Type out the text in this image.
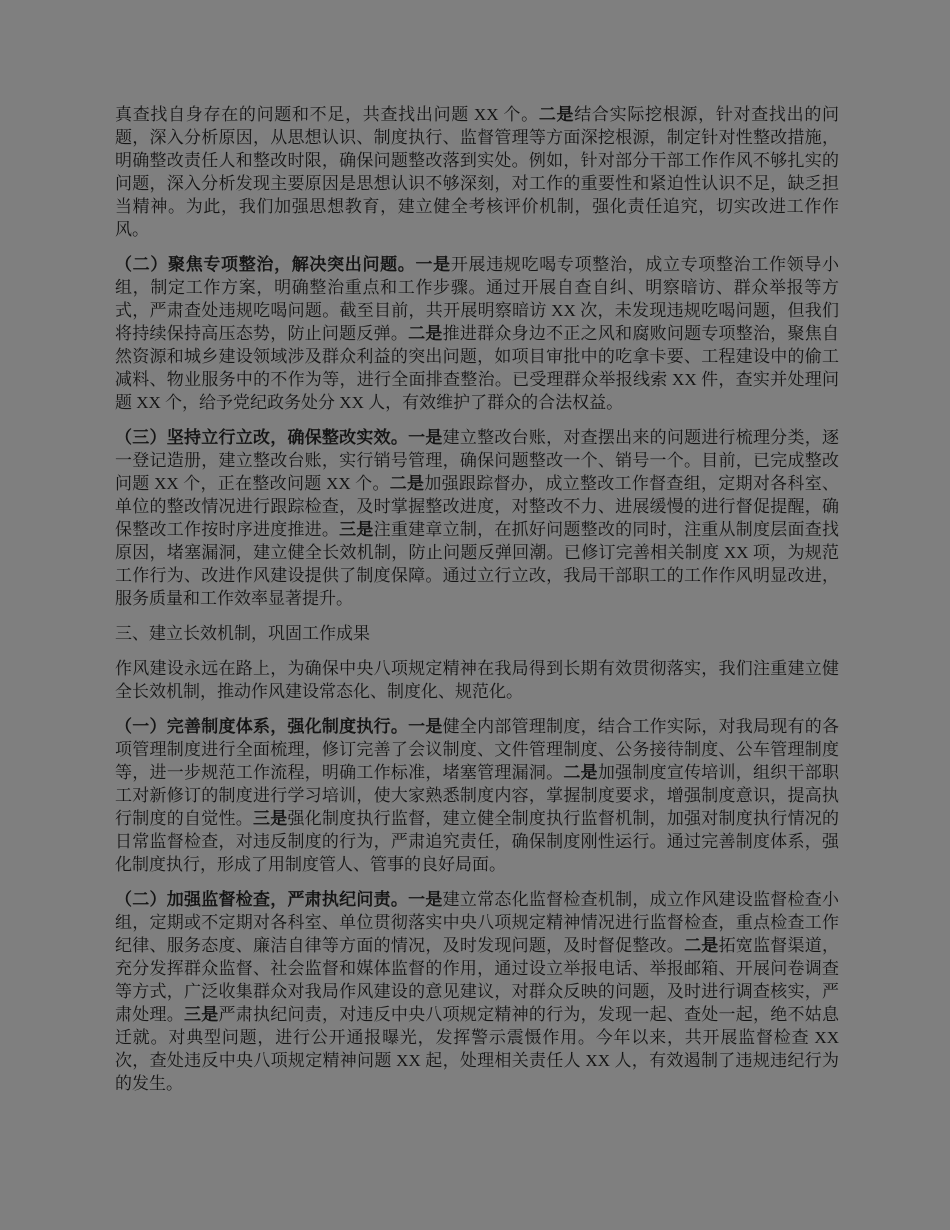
真查找自身存在的问题和不足，共查找出问题 XX 个。二是结合实际挖根源，针对查找出的问题，深入分析原因，从思想认识、制度执行、监督管理等方面深挖根源，制定针对性整改措施，明确整改责任人和整改时限，确保问题整改落到实处。例如，针对部分干部工作作风不够扎实的问题，深入分析发现主要原因是思想认识不够深刻，对工作的重要性和紧迫性认识不足，缺乏担当精神。为此，我们加强思想教育，建立健全考核评价机制，强化责任追究，切实改进工作作风。

（二）聚焦专项整治，解决突出问题。一是开展违规吃喝专项整治，成立专项整治工作领导小组，制定工作方案，明确整治重点和工作步骤。通过开展自查自纠、明察暗访、群众举报等方式，严肃查处违规吃喝问题。截至目前，共开展明察暗访 XX 次，未发现违规吃喝问题，但我们将持续保持高压态势，防止问题反弹。二是推进群众身边不正之风和腐败问题专项整治，聚焦自然资源和城乡建设领域涉及群众利益的突出问题，如项目审批中的吃拿卡要、工程建设中的偷工减料、物业服务中的不作为等，进行全面排查整治。已受理群众举报线索 XX 件，查实并处理问题 XX 个，给予党纪政务处分 XX 人，有效维护了群众的合法权益。

（三）坚持立行立改，确保整改实效。一是建立整改台账，对查摆出来的问题进行梳理分类，逐一登记造册，建立整改台账，实行销号管理，确保问题整改一个、销号一个。目前，已完成整改问题 XX 个，正在整改问题 XX 个。二是加强跟踪督办，成立整改工作督查组，定期对各科室、单位的整改情况进行跟踪检查，及时掌握整改进度，对整改不力、进展缓慢的进行督促提醒，确保整改工作按时序进度推进。三是注重建章立制，在抓好问题整改的同时，注重从制度层面查找原因，堵塞漏洞，建立健全长效机制，防止问题反弹回潮。已修订完善相关制度 XX 项，为规范工作行为、改进作风建设提供了制度保障。通过立行立改，我局干部职工的工作作风明显改进，服务质量和工作效率显著提升。

三、建立长效机制，巩固工作成果

作风建设永远在路上，为确保中央八项规定精神在我局得到长期有效贯彻落实，我们注重建立健全长效机制，推动作风建设常态化、制度化、规范化。

（一）完善制度体系，强化制度执行。一是健全内部管理制度，结合工作实际，对我局现有的各项管理制度进行全面梳理，修订完善了会议制度、文件管理制度、公务接待制度、公车管理制度等，进一步规范工作流程，明确工作标准，堵塞管理漏洞。二是加强制度宣传培训，组织干部职工对新修订的制度进行学习培训，使大家熟悉制度内容，掌握制度要求，增强制度意识，提高执行制度的自觉性。三是强化制度执行监督，建立健全制度执行监督机制，加强对制度执行情况的日常监督检查，对违反制度的行为，严肃追究责任，确保制度刚性运行。通过完善制度体系，强化制度执行，形成了用制度管人、管事的良好局面。

（二）加强监督检查，严肃执纪问责。一是建立常态化监督检查机制，成立作风建设监督检查小组，定期或不定期对各科室、单位贯彻落实中央八项规定精神情况进行监督检查，重点检查工作纪律、服务态度、廉洁自律等方面的情况，及时发现问题，及时督促整改。二是拓宽监督渠道，充分发挥群众监督、社会监督和媒体监督的作用，通过设立举报电话、举报邮箱、开展问卷调查等方式，广泛收集群众对我局作风建设的意见建议，对群众反映的问题，及时进行调查核实，严肃处理。三是严肃执纪问责，对违反中央八项规定精神的行为，发现一起、查处一起，绝不姑息迁就。对典型问题，进行公开通报曝光，发挥警示震慑作用。今年以来，共开展监督检查 XX 次，查处违反中央八项规定精神问题 XX 起，处理相关责任人 XX 人，有效遏制了违规违纪行为的发生。
